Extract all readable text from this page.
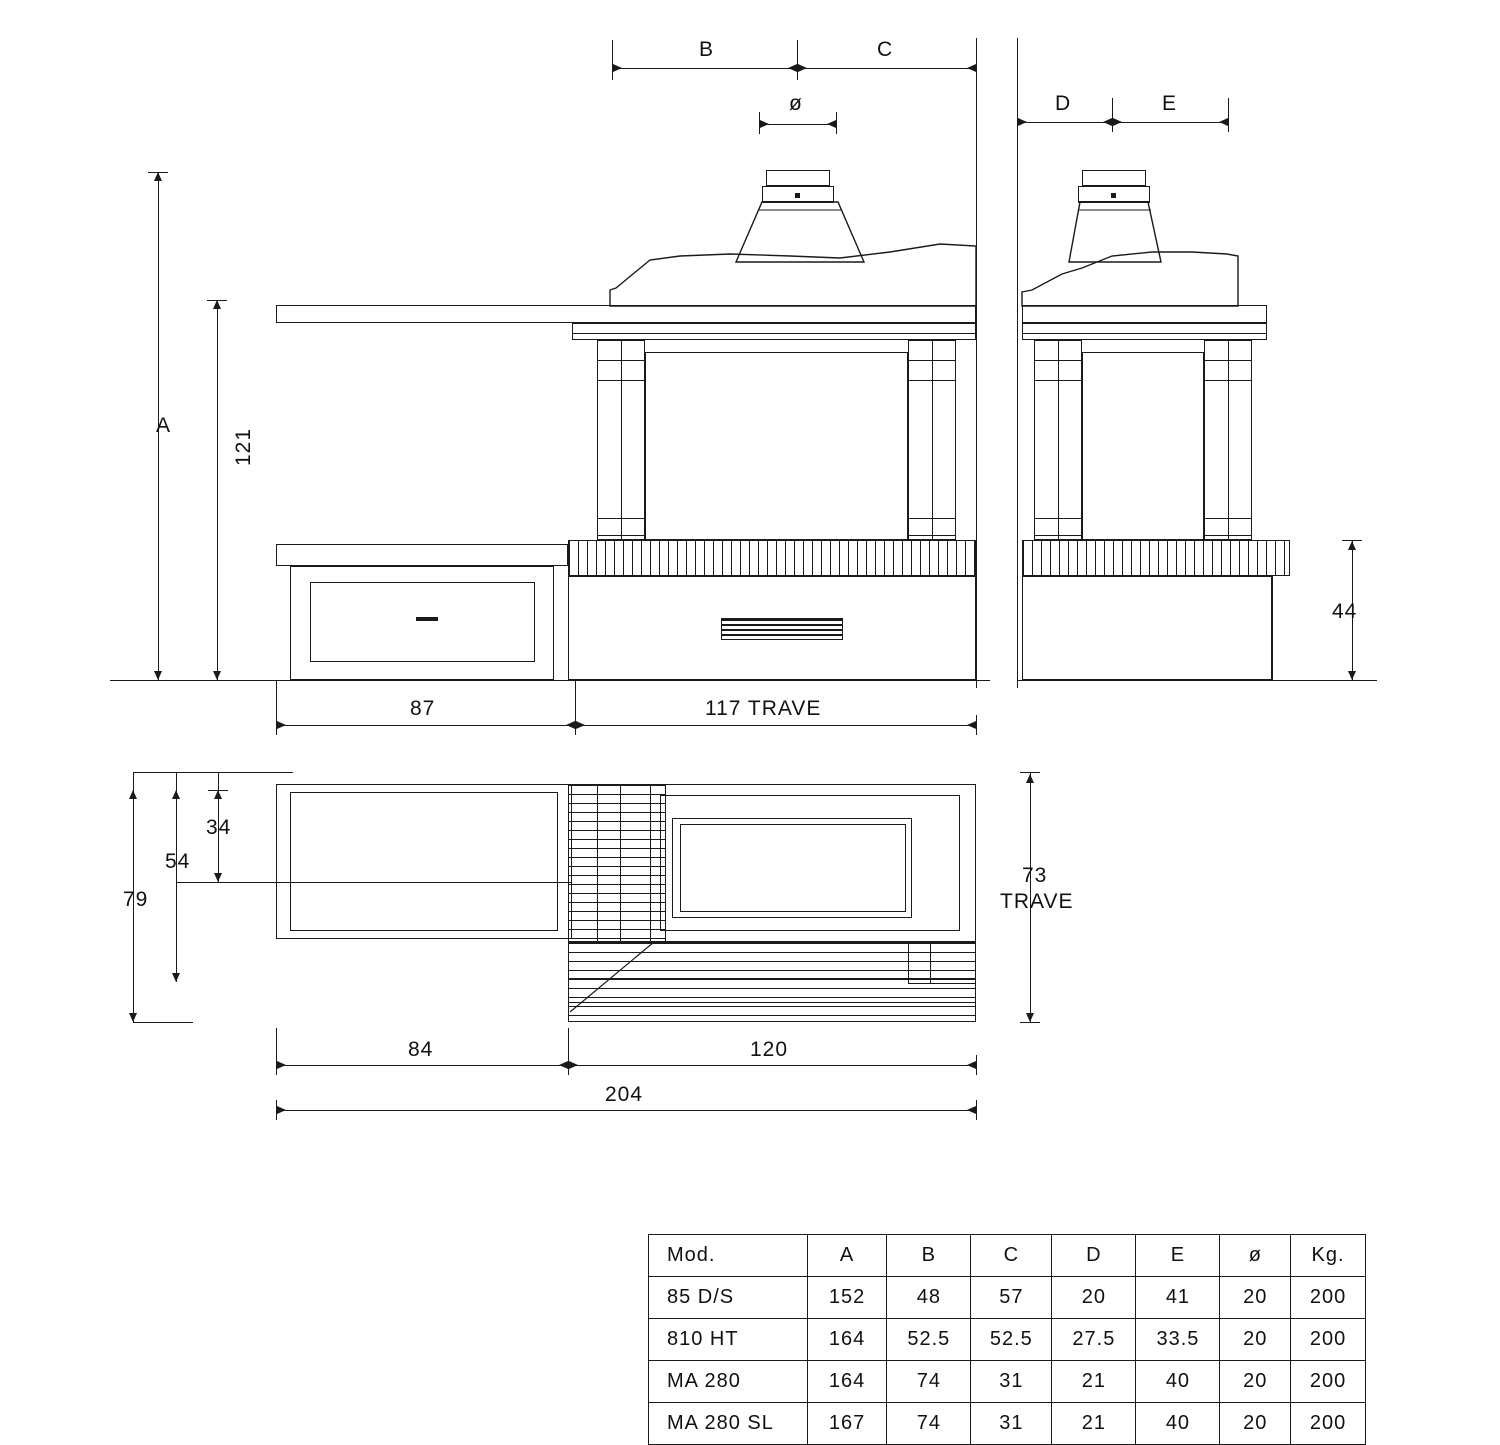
B	C
ø	D	E
A
121
87	117 TRAVE
44
34
54
79
73
TRAVE
84	120
204
Mod.	A	B	C	D	E	ø	Kg.
85 D/S	152	48	57	20	41	20	200
810 HT	164	52.5	52.5	27.5	33.5	20	200
MA 280	164	74	31	21	40	20	200
MA 280 SL	167	74	31	21	40	20	200
